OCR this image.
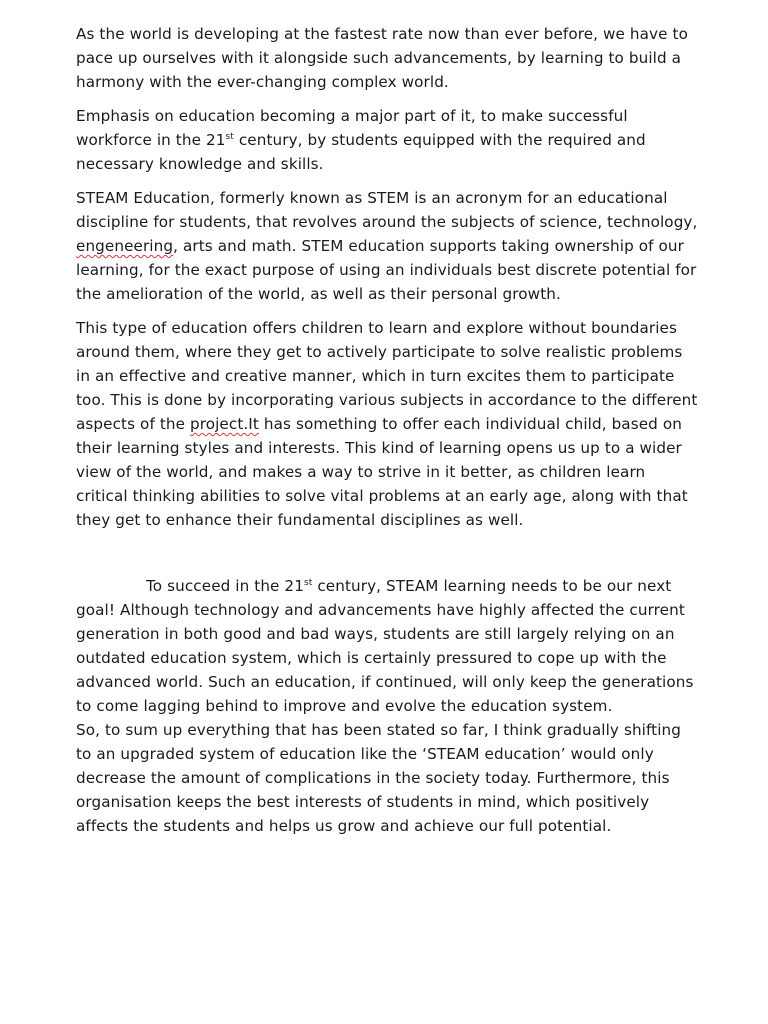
As the world is developing at the fastest rate now than ever before, we have to pace up ourselves with it alongside such advancements, by learning to build a harmony with the ever-changing complex world.

Emphasis on education becoming a major part of it, to make successful workforce in the 21st century, by students equipped with the required and necessary knowledge and skills.

STEAM Education, formerly known as STEM is an acronym for an educational discipline for students, that revolves around the subjects of science, technology, engeneering, arts and math. STEM education supports taking ownership of our learning, for the exact purpose of using an individuals best discrete potential for the amelioration of the world, as well as their personal growth.

This type of education offers children to learn and explore without boundaries around them, where they get to actively participate to solve realistic problems in an effective and creative manner, which in turn excites them to participate too. This is done by incorporating various subjects in accordance to the different aspects of the project.It has something to offer each individual child, based on their learning styles and interests. This kind of learning opens us up to a wider view of the world, and makes a way to strive in it better, as children learn critical thinking abilities to solve vital problems at an early age, along with that they get to enhance their fundamental disciplines as well.

To succeed in the 21st century, STEAM learning needs to be our next goal! Although technology and advancements have highly affected the current generation in both good and bad ways, students are still largely relying on an outdated education system, which is certainly pressured to cope up with the advanced world. Such an education, if continued, will only keep the generations to come lagging behind to improve and evolve the education system.

So, to sum up everything that has been stated so far, I think gradually shifting to an upgraded system of education like the ‘STEAM education’ would only decrease the amount of complications in the society today. Furthermore, this organisation keeps the best interests of students in mind, which positively affects the students and helps us grow and achieve our full potential.
